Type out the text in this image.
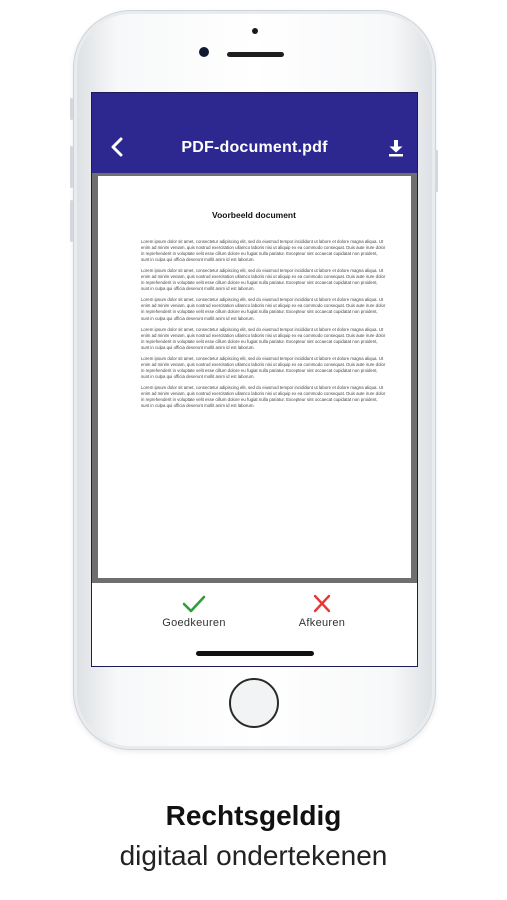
PDF-document.pdf
Voorbeeld document

Lorem ipsum dolor sit amet, consectetur adipiscing elit, sed do eiusmod tempor incididunt ut labore et dolore magna aliqua. Ut enim ad minim veniam, quis nostrud exercitation ullamco laboris nisi ut aliquip ex ea commodo consequat. Duis aute irure dolor in reprehenderit in voluptate velit esse cillum dolore eu fugiat nulla pariatur. Excepteur sint occaecat cupidatat non proident, sunt in culpa qui officia deserunt mollit anim id est laborum.

Lorem ipsum dolor sit amet, consectetur adipiscing elit, sed do eiusmod tempor incididunt ut labore et dolore magna aliqua. Ut enim ad minim veniam, quis nostrud exercitation ullamco laboris nisi ut aliquip ex ea commodo consequat. Duis aute irure dolor in reprehenderit in voluptate velit esse cillum dolore eu fugiat nulla pariatur. Excepteur sint occaecat cupidatat non proident, sunt in culpa qui officia deserunt mollit anim id est laborum.

Lorem ipsum dolor sit amet, consectetur adipiscing elit, sed do eiusmod tempor incididunt ut labore et dolore magna aliqua. Ut enim ad minim veniam, quis nostrud exercitation ullamco laboris nisi ut aliquip ex ea commodo consequat. Duis aute irure dolor in reprehenderit in voluptate velit esse cillum dolore eu fugiat nulla pariatur. Excepteur sint occaecat cupidatat non proident, sunt in culpa qui officia deserunt mollit anim id est laborum.

Lorem ipsum dolor sit amet, consectetur adipiscing elit, sed do eiusmod tempor incididunt ut labore et dolore magna aliqua. Ut enim ad minim veniam, quis nostrud exercitation ullamco laboris nisi ut aliquip ex ea commodo consequat. Duis aute irure dolor in reprehenderit in voluptate velit esse cillum dolore eu fugiat nulla pariatur. Excepteur sint occaecat cupidatat non proident, sunt in culpa qui officia deserunt mollit anim id est laborum.

Lorem ipsum dolor sit amet, consectetur adipiscing elit, sed do eiusmod tempor incididunt ut labore et dolore magna aliqua. Ut enim ad minim veniam, quis nostrud exercitation ullamco laboris nisi ut aliquip ex ea commodo consequat. Duis aute irure dolor in reprehenderit in voluptate velit esse cillum dolore eu fugiat nulla pariatur. Excepteur sint occaecat cupidatat non proident, sunt in culpa qui officia deserunt mollit anim id est laborum.

Lorem ipsum dolor sit amet, consectetur adipiscing elit, sed do eiusmod tempor incididunt ut labore et dolore magna aliqua. Ut enim ad minim veniam, quis nostrud exercitation ullamco laboris nisi ut aliquip ex ea commodo consequat. Duis aute irure dolor in reprehenderit in voluptate velit esse cillum dolore eu fugiat nulla pariatur. Excepteur sint occaecat cupidatat non proident, sunt in culpa qui officia deserunt mollit anim id est laborum.

Goedkeuren	Afkeuren
Rechtsgeldig
digitaal ondertekenen
